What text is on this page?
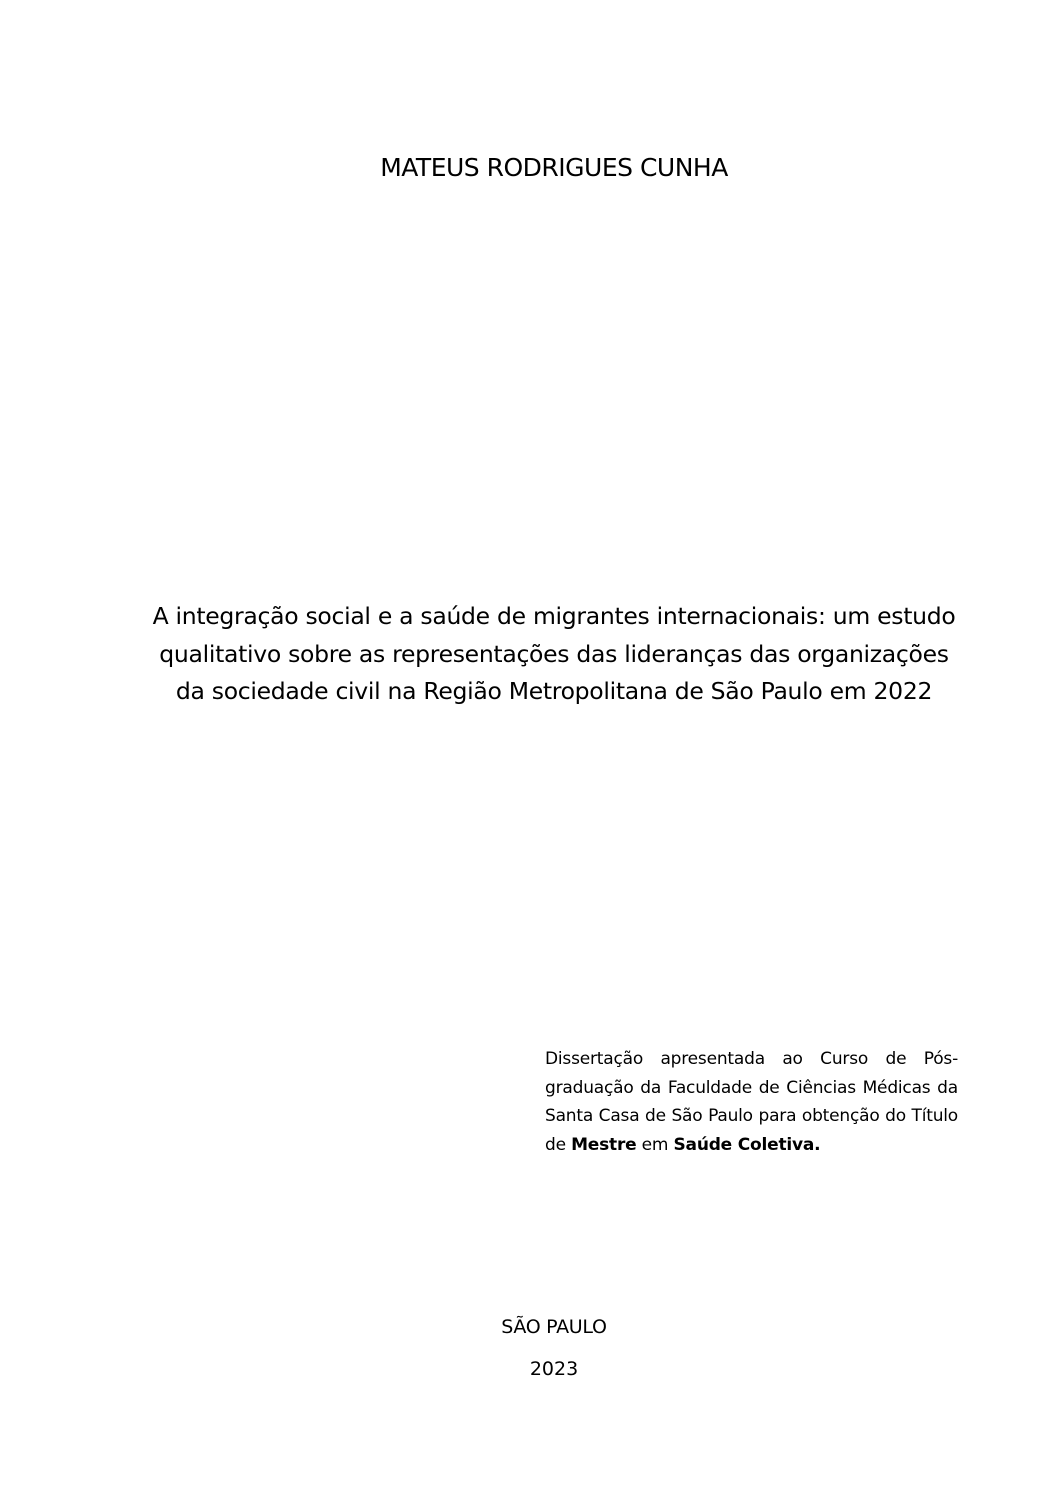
MATEUS RODRIGUES CUNHA
A integração social e a saúde de migrantes internacionais: um estudo qualitativo sobre as representações das lideranças das organizações da sociedade civil na Região Metropolitana de São Paulo em 2022
Dissertação apresentada ao Curso de Pós-graduação da Faculdade de Ciências Médicas da Santa Casa de São Paulo para obtenção do Título de Mestre em Saúde Coletiva.
SÃO PAULO
2023
